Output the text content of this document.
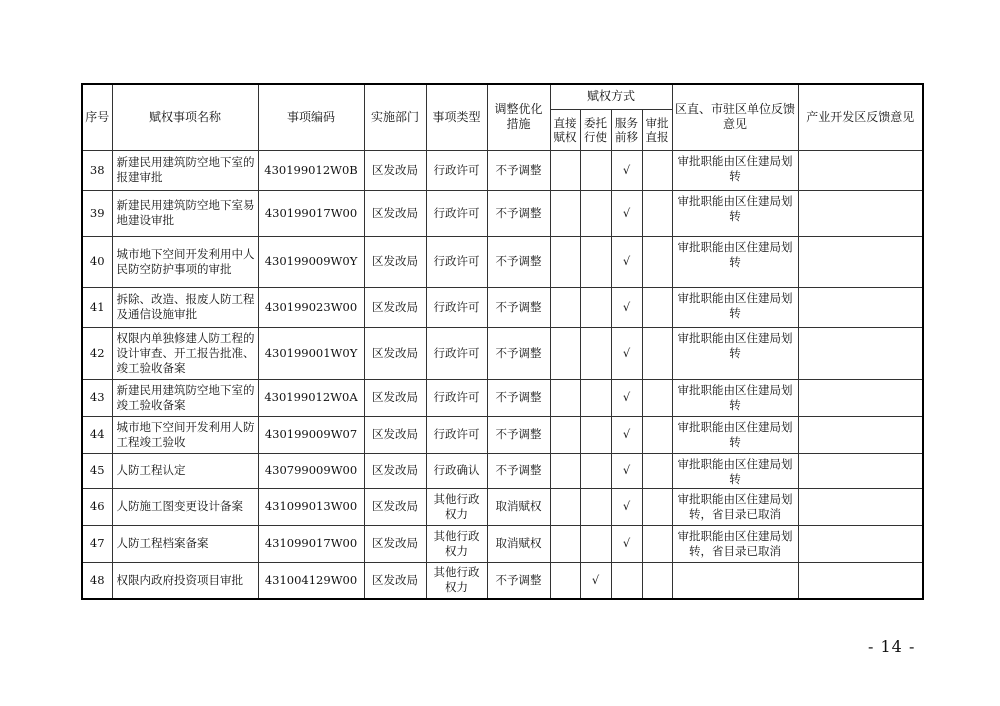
序号	赋权事项名称	事项编码	实施部门	事项类型	调整优化措施	赋权方式				区直、市驻区单位反馈意见	产业开发区反馈意见
						直接赋权	委托行使	服务前移	审批直报		
38	新建民用建筑防空地下室的报建审批	430199012W0B	区发改局	行政许可	不予调整			√		审批职能由区住建局划转	
39	新建民用建筑防空地下室易地建设审批	430199017W00	区发改局	行政许可	不予调整			√		审批职能由区住建局划转	
40	城市地下空间开发利用中人民防空防护事项的审批	430199009W0Y	区发改局	行政许可	不予调整			√		审批职能由区住建局划转	
41	拆除、改造、报废人防工程及通信设施审批	430199023W00	区发改局	行政许可	不予调整			√		审批职能由区住建局划转	
42	权限内单独修建人防工程的设计审查、开工报告批准、竣工验收备案	430199001W0Y	区发改局	行政许可	不予调整			√		审批职能由区住建局划转	
43	新建民用建筑防空地下室的竣工验收备案	430199012W0A	区发改局	行政许可	不予调整			√		审批职能由区住建局划转	
44	城市地下空间开发利用人防工程竣工验收	430199009W07	区发改局	行政许可	不予调整			√		审批职能由区住建局划转	
45	人防工程认定	430799009W00	区发改局	行政确认	不予调整			√		审批职能由区住建局划转	
46	人防施工图变更设计备案	431099013W00	区发改局	其他行政权力	取消赋权			√		审批职能由区住建局划转，省目录已取消	
47	人防工程档案备案	431099017W00	区发改局	其他行政权力	取消赋权			√		审批职能由区住建局划转，省目录已取消	
48	权限内政府投资项目审批	431004129W00	区发改局	其他行政权力	不予调整		√				
- 14 -
